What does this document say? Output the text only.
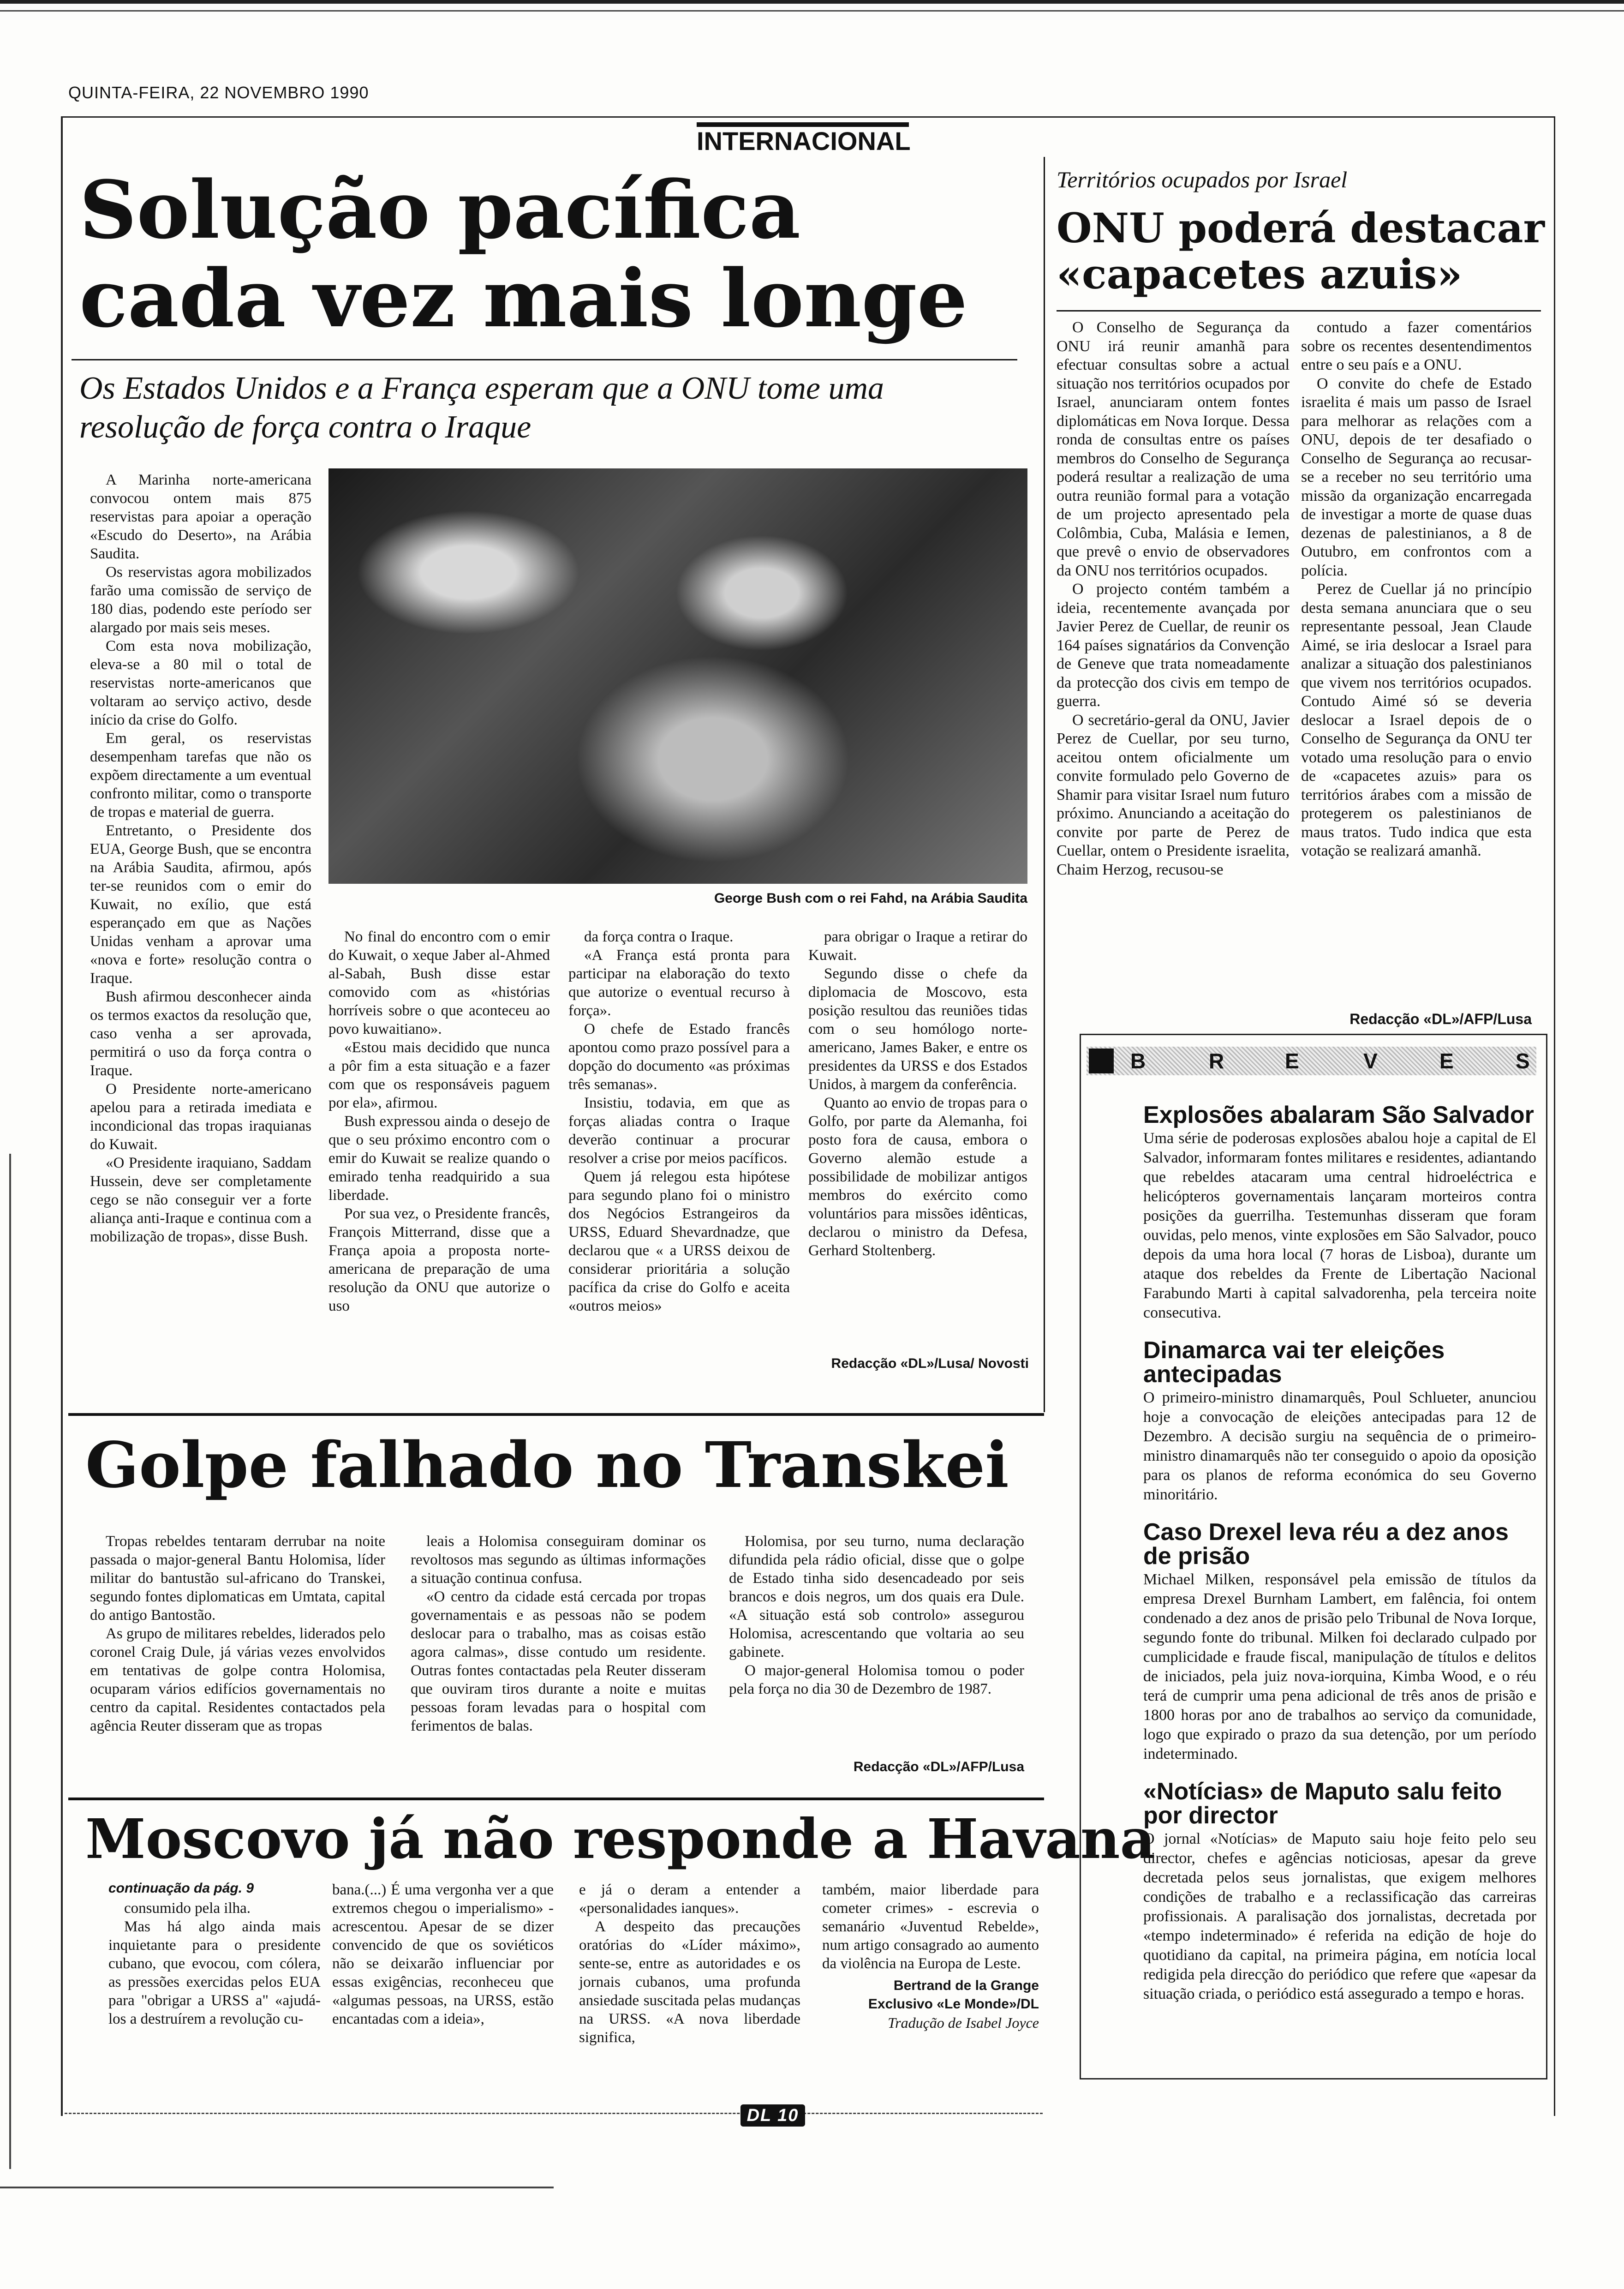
QUINTA-FEIRA, 22 NOVEMBRO 1990
INTERNACIONAL
Solução pacífica
cada vez mais longe
Os Estados Unidos e a França esperam que a ONU tome uma resolução de força contra o Iraque

A Marinha norte-americana convocou ontem mais 875 reservistas para apoiar a operação «Escudo do Deserto», na Arábia Saudita.

Os reservistas agora mobilizados farão uma comissão de serviço de 180 dias, podendo este período ser alargado por mais seis meses.

Com esta nova mobilização, eleva-se a 80 mil o total de reservistas norte-americanos que voltaram ao serviço activo, desde início da crise do Golfo.

Em geral, os reservistas desempenham tarefas que não os expõem directamente a um eventual confronto militar, como o transporte de tropas e material de guerra.

Entretanto, o Presidente dos EUA, George Bush, que se encontra na Arábia Saudita, afirmou, após ter-se reunidos com o emir do Kuwait, no exílio, que está esperançado em que as Nações Unidas venham a aprovar uma «nova e forte» resolução contra o Iraque.

Bush afirmou desconhecer ainda os termos exactos da resolução que, caso venha a ser aprovada, permitirá o uso da força contra o Iraque.

O Presidente norte-americano apelou para a retirada imediata e incondicional das tropas iraquianas do Kuwait.

«O Presidente iraquiano, Saddam Hussein, deve ser completamente cego se não conseguir ver a forte aliança anti-Iraque e continua com a mobilização de tropas», disse Bush.

George Bush com o rei Fahd, na Arábia Saudita

No final do encontro com o emir do Kuwait, o xeque Jaber al-Ahmed al-Sabah, Bush disse estar comovido com as «histórias horríveis sobre o que aconteceu ao povo kuwaitiano».

«Estou mais decidido que nunca a pôr fim a esta situação e a fazer com que os responsáveis paguem por ela», afirmou.

Bush expressou ainda o desejo de que o seu próximo encontro com o emir do Kuwait se realize quando o emirado tenha readquirido a sua liberdade.

Por sua vez, o Presidente francês, François Mitterrand, disse que a França apoia a proposta norte-americana de preparação de uma resolução da ONU que autorize o uso

da força contra o Iraque.

«A França está pronta para participar na elaboração do texto que autorize o eventual recurso à força».

O chefe de Estado francês apontou como prazo possível para a dopção do documento «as próximas três semanas».

Insistiu, todavia, em que as forças aliadas contra o Iraque deverão continuar a procurar resolver a crise por meios pacíficos.

Quem já relegou esta hipótese para segundo plano foi o ministro dos Negócios Estrangeiros da URSS, Eduard Shevardnadze, que declarou que « a URSS deixou de considerar prioritária a solução pacífica da crise do Golfo e aceita «outros meios»

para obrigar o Iraque a retirar do Kuwait.

Segundo disse o chefe da diplomacia de Moscovo, esta posição resultou das reuniões tidas com o seu homólogo norte-americano, James Baker, e entre os presidentes da URSS e dos Estados Unidos, à margem da conferência.

Quanto ao envio de tropas para o Golfo, por parte da Alemanha, foi posto fora de causa, embora o Governo alemão estude a possibilidade de mobilizar antigos membros do exército como voluntários para missões idênticas, declarou o ministro da Defesa, Gerhard Stoltenberg.

Redacção «DL»/Lusa/ Novosti
Territórios ocupados por Israel
ONU poderá destacar
«capacetes azuis»

O Conselho de Segurança da ONU irá reunir amanhã para efectuar consultas sobre a actual situação nos territórios ocupados por Israel, anunciaram ontem fontes diplomáticas em Nova Iorque. Dessa ronda de consultas entre os países membros do Conselho de Segurança poderá resultar a realização de uma outra reunião formal para a votação de um projecto apresentado pela Colômbia, Cuba, Malásia e Iemen, que prevê o envio de observadores da ONU nos territórios ocupados.

O projecto contém também a ideia, recentemente avançada por Javier Perez de Cuellar, de reunir os 164 países signatários da Convenção de Geneve que trata nomeadamente da protecção dos civis em tempo de guerra.

O secretário-geral da ONU, Javier Perez de Cuellar, por seu turno, aceitou ontem oficialmente um convite formulado pelo Governo de Shamir para visitar Israel num futuro próximo. Anunciando a aceitação do convite por parte de Perez de Cuellar, ontem o Presidente israelita, Chaim Herzog, recusou-se

contudo a fazer comentários sobre os recentes desentendimentos entre o seu país e a ONU.

O convite do chefe de Estado israelita é mais um passo de Israel para melhorar as relações com a ONU, depois de ter desafiado o Conselho de Segurança ao recusar-se a receber no seu território uma missão da organização encarregada de investigar a morte de quase duas dezenas de palestinianos, a 8 de Outubro, em confrontos com a polícia.

Perez de Cuellar já no princípio desta semana anunciara que o seu representante pessoal, Jean Claude Aimé, se iria deslocar a Israel para analizar a situação dos palestinianos que vivem nos territórios ocupados. Contudo Aimé só se deveria deslocar a Israel depois de o Conselho de Segurança da ONU ter votado uma resolução para o envio de «capacetes azuis» para os territórios árabes com a missão de protegerem os palestinianos de maus tratos. Tudo indica que esta votação se realizará amanhã.

Redacção «DL»/AFP/Lusa
B	R	E	V	E	S
Explosões abalaram São Salvador
Uma série de poderosas explosões abalou hoje a capital de El Salvador, informaram fontes militares e residentes, adiantando que rebeldes atacaram uma central hidroeléctrica e helicópteros governamentais lançaram morteiros contra posições da guerrilha. Testemunhas disseram que foram ouvidas, pelo menos, vinte explosões em São Salvador, pouco depois da uma hora local (7 horas de Lisboa), durante um ataque dos rebeldes da Frente de Libertação Nacional Farabundo Marti à capital salvadorenha, pela terceira noite consecutiva.
Dinamarca vai ter eleições antecipadas
O primeiro-ministro dinamarquês, Poul Schlueter, anunciou hoje a convocação de eleições antecipadas para 12 de Dezembro. A decisão surgiu na sequência de o primeiro-ministro dinamarquês não ter conseguido o apoio da oposição para os planos de reforma económica do seu Governo minoritário.
Caso Drexel leva réu a dez anos de prisão
Michael Milken, responsável pela emissão de títulos da empresa Drexel Burnham Lambert, em falência, foi ontem condenado a dez anos de prisão pelo Tribunal de Nova Iorque, segundo fonte do tribunal. Milken foi declarado culpado por cumplicidade e fraude fiscal, manipulação de títulos e delitos de iniciados, pela juiz nova-iorquina, Kimba Wood, e o réu terá de cumprir uma pena adicional de três anos de prisão e 1800 horas por ano de trabalhos ao serviço da comunidade, logo que expirado o prazo da sua detenção, por um período indeterminado.
«Notícias» de Maputo salu feito por director
O jornal «Notícias» de Maputo saiu hoje feito pelo seu director, chefes e agências noticiosas, apesar da greve decretada pelos seus jornalistas, que exigem melhores condições de trabalho e a reclassificação das carreiras profissionais. A paralisação dos jornalistas, decretada por «tempo indeterminado» é referida na edição de hoje do quotidiano da capital, na primeira página, em notícia local redigida pela direcção do periódico que refere que «apesar da situação criada, o periódico está assegurado a tempo e horas.
Golpe falhado no Transkei

Tropas rebeldes tentaram derrubar na noite passada o major-general Bantu Holomisa, líder militar do bantustão sul-africano do Transkei, segundo fontes diplomaticas em Umtata, capital do antigo Bantostão.

As grupo de militares rebeldes, liderados pelo coronel Craig Dule, já várias vezes envolvidos em tentativas de golpe contra Holomisa, ocuparam vários edifícios governamentais no centro da capital. Residentes contactados pela agência Reuter disseram que as tropas

leais a Holomisa conseguiram dominar os revoltosos mas segundo as últimas informações a situação continua confusa.

«O centro da cidade está cercada por tropas governamentais e as pessoas não se podem deslocar para o trabalho, mas as coisas estão agora calmas», disse contudo um residente. Outras fontes contactadas pela Reuter disseram que ouviram tiros durante a noite e muitas pessoas foram levadas para o hospital com ferimentos de balas.

Holomisa, por seu turno, numa declaração difundida pela rádio oficial, disse que o golpe de Estado tinha sido desencadeado por seis brancos e dois negros, um dos quais era Dule. «A situação está sob controlo» assegurou Holomisa, acrescentando que voltaria ao seu gabinete.

O major-general Holomisa tomou o poder pela força no dia 30 de Dezembro de 1987.

Redacção «DL»/AFP/Lusa
Moscovo já não responde a Havana
continuação da pág. 9

consumido pela ilha.

Mas há algo ainda mais inquietante para o presidente cubano, que evocou, com cólera, as pressões exercidas pelos EUA para "obrigar a URSS a" «ajudá-los a destruírem a revolução cu-

bana.(...) É uma vergonha ver a que extremos chegou o imperialismo» - acrescentou. Apesar de se dizer convencido de que os soviéticos não se deixarão influenciar por essas exigências, reconheceu que «algumas pessoas, na URSS, estão encantadas com a ideia»,

e já o deram a entender a «personalidades ianques».

A despeito das precauções oratórias do «Líder máximo», sente-se, entre as autoridades e os jornais cubanos, uma profunda ansiedade suscitada pelas mudanças na URSS. «A nova liberdade significa,

também, maior liberdade para cometer crimes» - escrevia o semanário «Juventud Rebelde», num artigo consagrado ao aumento da violência na Europa de Leste.

Bertrand de la Grange
Exclusivo «Le Monde»/DL
Tradução de Isabel Joyce
DL 10
